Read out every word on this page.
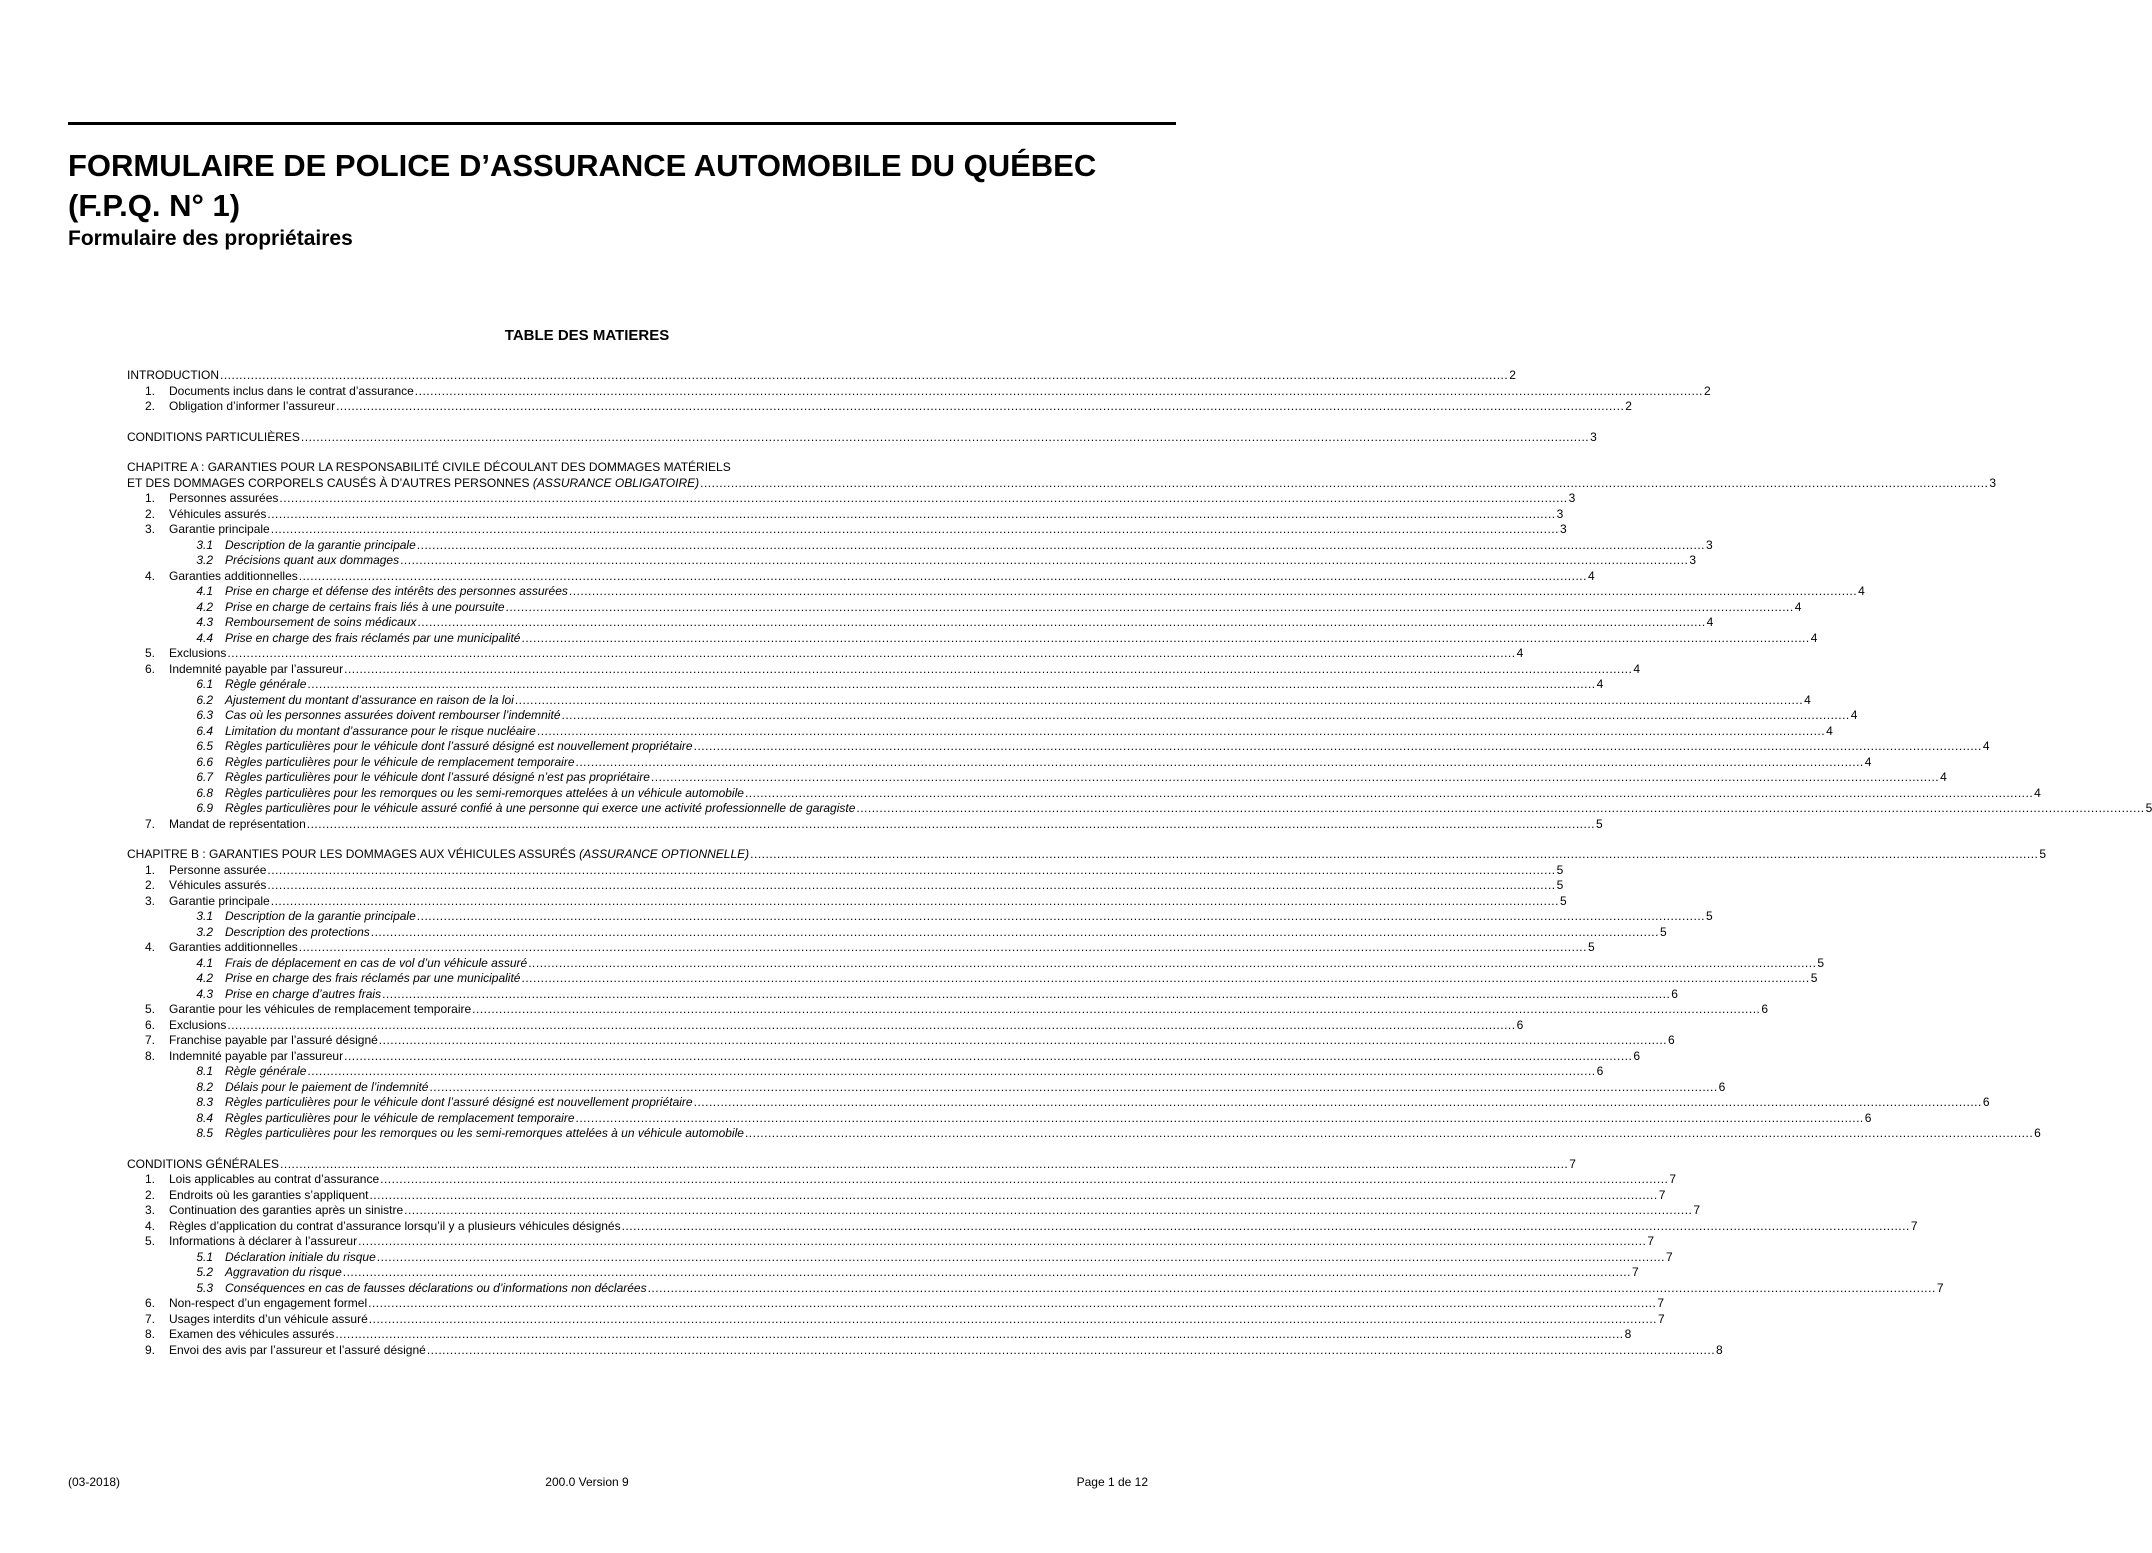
FORMULAIRE DE POLICE D’ASSURANCE AUTOMOBILE DU QUÉBEC
(F.P.Q. N° 1)
Formulaire des propriétaires
TABLE DES MATIERES
INTRODUCTION .....	2
1.	Documents inclus dans le contrat d’assurance .....	2
2.	Obligation d’informer l’assureur .....	2
CONDITIONS PARTICULIÈRES .....	3
CHAPITRE A : GARANTIES POUR LA RESPONSABILITÉ CIVILE DÉCOULANT DES DOMMAGES MATÉRIELS
ET DES DOMMAGES CORPORELS CAUSÉS À D’AUTRES PERSONNES (ASSURANCE OBLIGATOIRE) .....	3
1.	Personnes assurées .....	3
2.	Véhicules assurés .....	3
3.	Garantie principale .....	3
3.1	Description de la garantie principale .....	3
3.2	Précisions quant aux dommages .....	3
4.	Garanties additionnelles .....	4
4.1	Prise en charge et défense des intérêts des personnes assurées .....	4
4.2	Prise en charge de certains frais liés à une poursuite .....	4
4.3	Remboursement de soins médicaux .....	4
4.4	Prise en charge des frais réclamés par une municipalité .....	4
5.	Exclusions .....	4
6.	Indemnité payable par l’assureur .....	4
6.1	Règle générale .....	4
6.2	Ajustement du montant d’assurance en raison de la loi .....	4
6.3	Cas où les personnes assurées doivent rembourser l’indemnité .....	4
6.4	Limitation du montant d’assurance pour le risque nucléaire .....	4
6.5	Règles particulières pour le véhicule dont l’assuré désigné est nouvellement propriétaire .....	4
6.6	Règles particulières pour le véhicule de remplacement temporaire .....	4
6.7	Règles particulières pour le véhicule dont l’assuré désigné n’est pas propriétaire .....	4
6.8	Règles particulières pour les remorques ou les semi-remorques attelées à un véhicule automobile .....	4
6.9	Règles particulières pour le véhicule assuré confié à une personne qui exerce une activité professionnelle de garagiste .....	5
7.	Mandat de représentation .....	5
CHAPITRE B : GARANTIES POUR LES DOMMAGES AUX VÉHICULES ASSURÉS (ASSURANCE OPTIONNELLE) .....	5
1.	Personne assurée .....	5
2.	Véhicules assurés .....	5
3.	Garantie principale .....	5
3.1	Description de la garantie principale .....	5
3.2	Description des protections .....	5
4.	Garanties additionnelles .....	5
4.1	Frais de déplacement en cas de vol d’un véhicule assuré .....	5
4.2	Prise en charge des frais réclamés par une municipalité .....	5
4.3	Prise en charge d’autres frais .....	6
5.	Garantie pour les véhicules de remplacement temporaire .....	6
6.	Exclusions .....	6
7.	Franchise payable par l’assuré désigné .....	6
8.	Indemnité payable par l’assureur .....	6
8.1	Règle générale .....	6
8.2	Délais pour le paiement de l’indemnité .....	6
8.3	Règles particulières pour le véhicule dont l’assuré désigné est nouvellement propriétaire .....	6
8.4	Règles particulières pour le véhicule de remplacement temporaire .....	6
8.5	Règles particulières pour les remorques ou les semi-remorques attelées à un véhicule automobile .....	6
CONDITIONS GÉNÉRALES .....	7
1.	Lois applicables au contrat d’assurance .....	7
2.	Endroits où les garanties s’appliquent .....	7
3.	Continuation des garanties après un sinistre .....	7
4.	Règles d’application du contrat d’assurance lorsqu’il y a plusieurs véhicules désignés .....	7
5.	Informations à déclarer à l’assureur .....	7
5.1	Déclaration initiale du risque .....	7
5.2	Aggravation du risque .....	7
5.3	Conséquences en cas de fausses déclarations ou d’informations non déclarées .....	7
6.	Non-respect d’un engagement formel .....	7
7.	Usages interdits d’un véhicule assuré .....	7
8.	Examen des véhicules assurés .....	8
9.	Envoi des avis par l’assureur et l’assuré désigné .....	8
(03-2018)	200.0 Version 9	Page 1 de 12
